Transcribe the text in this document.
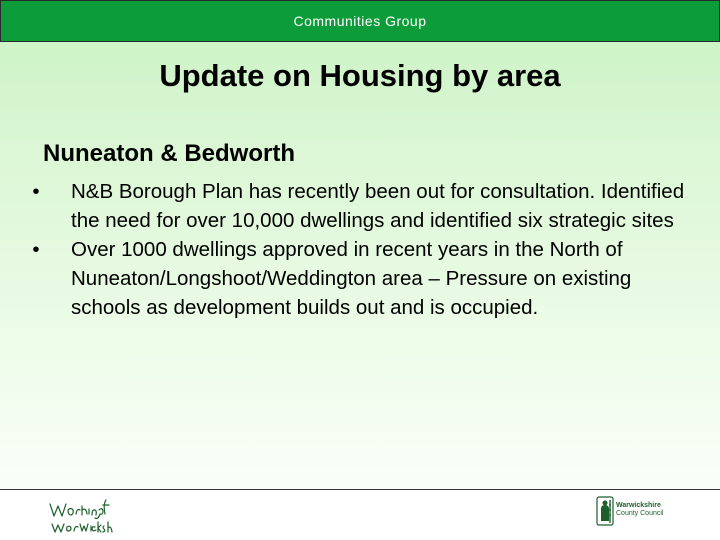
Communities Group
Update on Housing by area
Nuneaton & Bedworth
•	N&B Borough Plan has recently been out for consultation. Identified the need for over 10,000 dwellings and identified six strategic sites
•	Over 1000 dwellings approved in recent years in the North of Nuneaton/Longshoot/Weddington area – Pressure on existing schools as development builds out and is occupied.
Warwickshire
County Council
